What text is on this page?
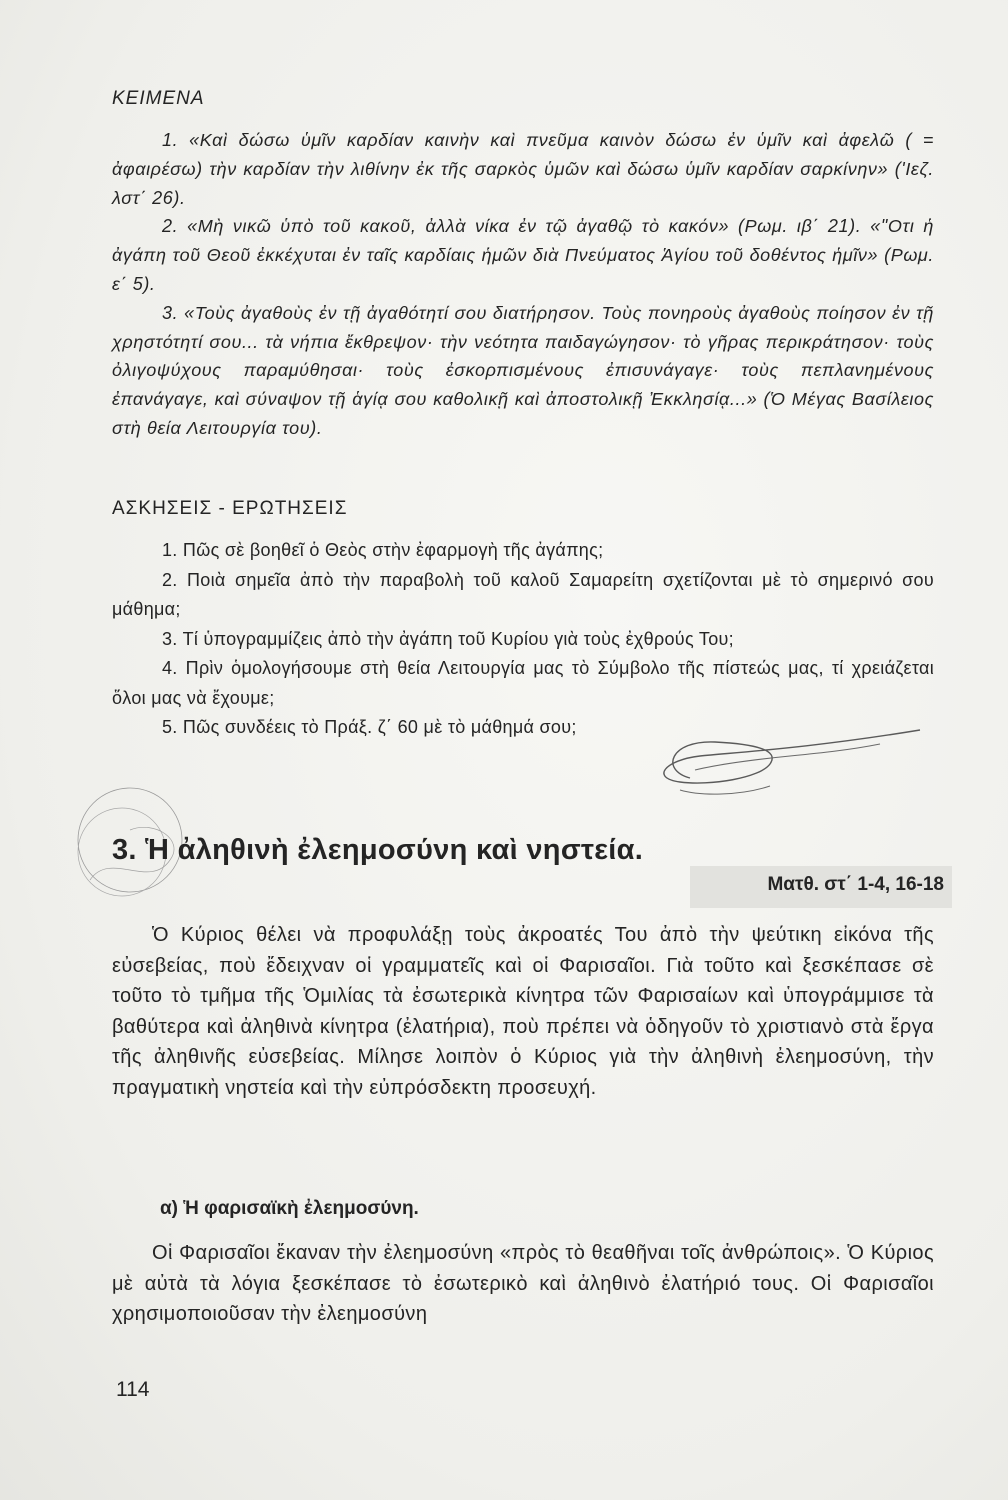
ΚΕΙΜΕΝΑ

1. «Καὶ δώσω ὑμῖν καρδίαν καινὴν καὶ πνεῦμα καινὸν δώσω ἐν ὑμῖν καὶ ἀφελῶ ( = ἀφαιρέσω) τὴν καρδίαν τὴν λιθίνην ἐκ τῆς σαρκὸς ὑμῶν καὶ δώσω ὑμῖν καρδίαν σαρκίνην» ('Ιεζ. λστ΄ 26).

2. «Μὴ νικῶ ὑπὸ τοῦ κακοῦ, ἀλλὰ νίκα ἐν τῷ ἀγαθῷ τὸ κακόν» (Ρωμ. ιβ΄ 21). «"Οτι ἡ ἀγάπη τοῦ Θεοῦ ἐκκέχυται ἐν ταῖς καρδίαις ἡμῶν διὰ Πνεύματος Ἁγίου τοῦ δοθέντος ἡμῖν» (Ρωμ. ε΄ 5).

3. «Τοὺς ἀγαθοὺς ἐν τῇ ἀγαθότητί σου διατήρησον. Τοὺς πονηροὺς ἀγαθοὺς ποίησον ἐν τῇ χρηστότητί σου... τὰ νήπια ἔκθρεψον· τὴν νεότητα παιδαγώγησον· τὸ γῆρας περικράτησον· τοὺς ὀλιγοψύχους παραμύθησαι· τοὺς ἐσκορπισμένους ἐπισυνάγαγε· τοὺς πεπλανημένους ἐπανάγαγε, καὶ σύναψον τῇ ἁγίᾳ σου καθολικῇ καὶ ἀποστολικῇ Ἐκκλησίᾳ...» (Ὁ Μέγας Βασίλειος στὴ θεία Λειτουργία του).

ΑΣΚΗΣΕΙΣ - ΕΡΩΤΗΣΕΙΣ

1. Πῶς σὲ βοηθεῖ ὁ Θεὸς στὴν ἐφαρμογὴ τῆς ἀγάπης;

2. Ποιὰ σημεῖα ἀπὸ τὴν παραβολὴ τοῦ καλοῦ Σαμαρείτη σχετίζονται μὲ τὸ σημερινό σου μάθημα;

3. Τί ὑπογραμμίζεις ἀπὸ τὴν ἀγάπη τοῦ Κυρίου γιὰ τοὺς ἐχθρούς Του;

4. Πρὶν ὁμολογήσουμε στὴ θεία Λειτουργία μας τὸ Σύμβολο τῆς πίστεώς μας, τί χρειάζεται ὅλοι μας νὰ ἔχουμε;

5. Πῶς συνδέεις τὸ Πράξ. ζ΄ 60 μὲ τὸ μάθημά σου;

3. Ἡ ἀληθινὴ ἐλεημοσύνη καὶ νηστεία.
Ματθ. στ΄ 1-4, 16-18

Ὁ Κύριος θέλει νὰ προφυλάξῃ τοὺς ἀκροατές Του ἀπὸ τὴν ψεύτικη εἰκόνα τῆς εὐσεβείας, ποὺ ἔδειχναν οἱ γραμματεῖς καὶ οἱ Φαρισαῖοι. Γιὰ τοῦτο καὶ ξεσκέπασε σὲ τοῦτο τὸ τμῆμα τῆς Ὁμιλίας τὰ ἐσωτερικὰ κίνητρα τῶν Φαρισαίων καὶ ὑπογράμμισε τὰ βαθύτερα καὶ ἀληθινὰ κίνητρα (ἐλατήρια), ποὺ πρέπει νὰ ὁδηγοῦν τὸ χριστιανὸ στὰ ἔργα τῆς ἀληθινῆς εὐσεβείας. Μίλησε λοιπὸν ὁ Κύριος γιὰ τὴν ἀληθινὴ ἐλεημοσύνη, τὴν πραγματικὴ νηστεία καὶ τὴν εὐπρόσδεκτη προσευχή.

α) Ἡ φαρισαϊκὴ ἐλεημοσύνη.

Οἱ Φαρισαῖοι ἔκαναν τὴν ἐλεημοσύνη «πρὸς τὸ θεαθῆναι τοῖς ἀνθρώποις». Ὁ Κύριος μὲ αὐτὰ τὰ λόγια ξεσκέπασε τὸ ἐσωτερικὸ καὶ ἀληθινὸ ἐλατήριό τους. Οἱ Φαρισαῖοι χρησιμοποιοῦσαν τὴν ἐλεημοσύνη

114
